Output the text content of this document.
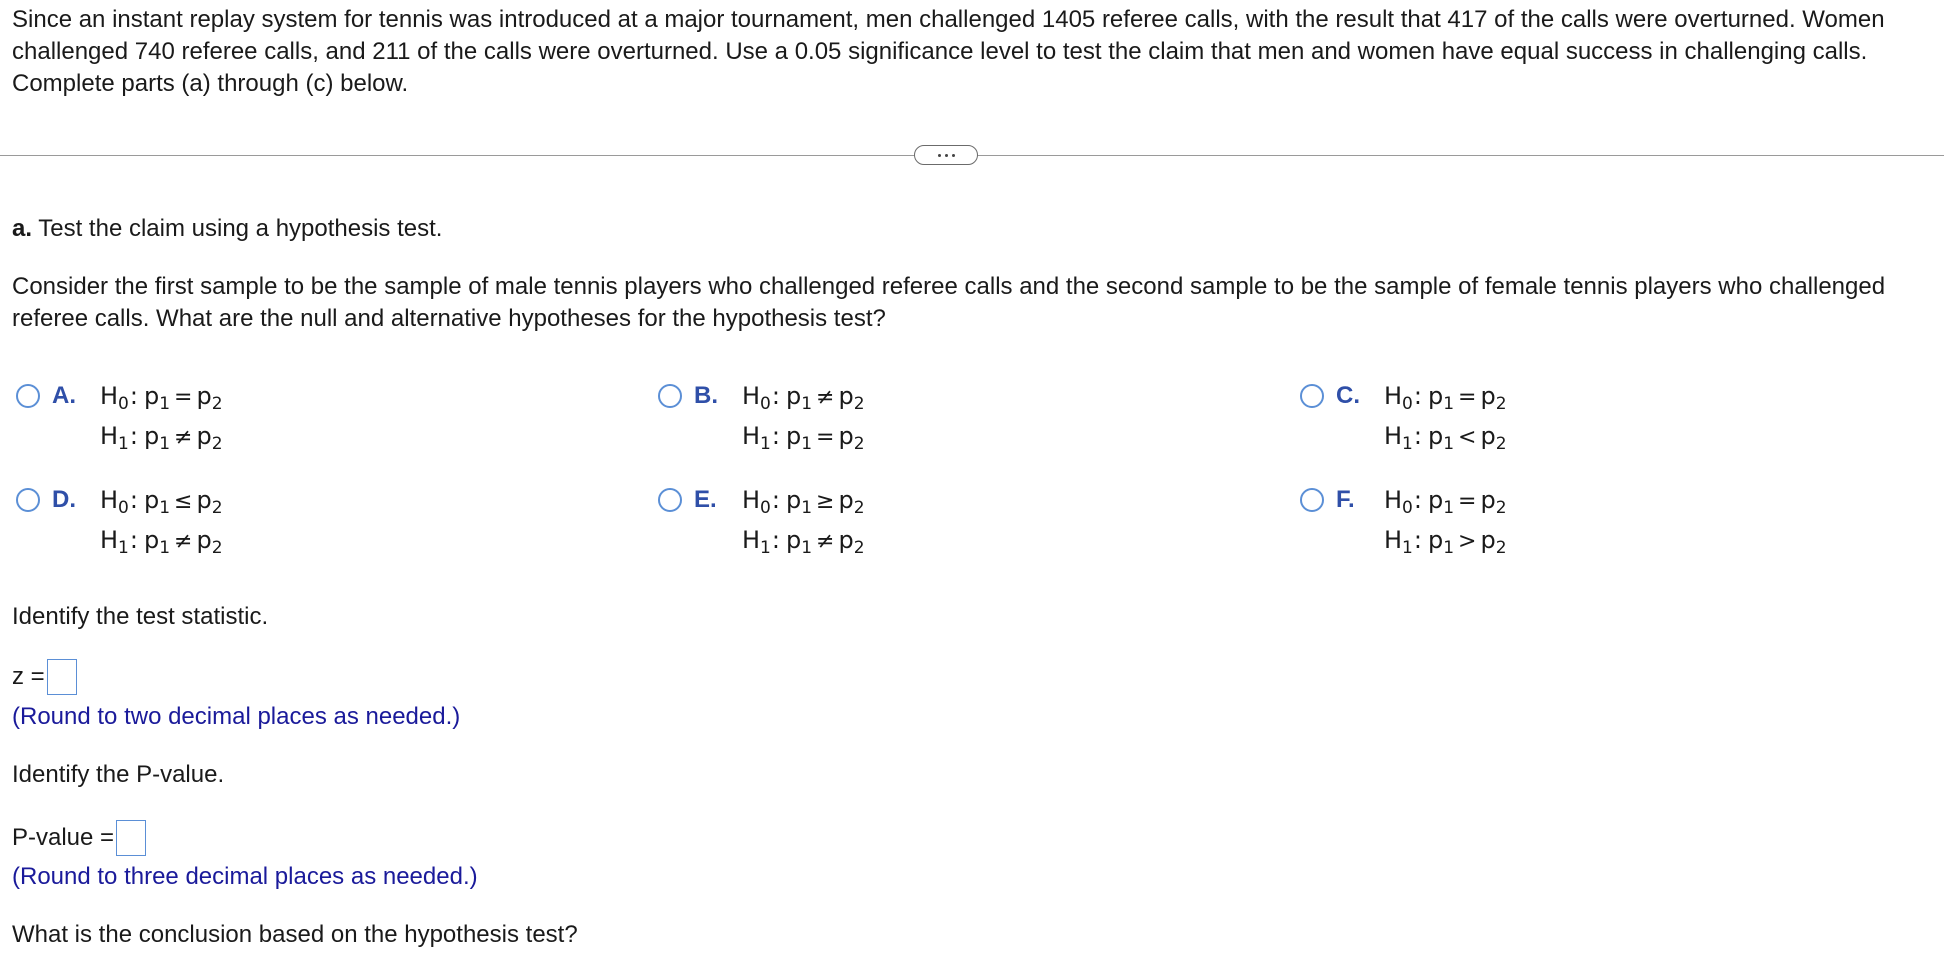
Since an instant replay system for tennis was introduced at a major tournament, men challenged 1405 referee calls, with the result that 417 of the calls were overturned. Women challenged 740 referee calls, and 211 of the calls were overturned. Use a 0.05 significance level to test the claim that men and women have equal success in challenging calls. Complete parts (a) through (c) below.
a. Test the claim using a hypothesis test.
Consider the first sample to be the sample of male tennis players who challenged referee calls and the second sample to be the sample of female tennis players who challenged referee calls. What are the null and alternative hypotheses for the hypothesis test?
A. $H_0$: $p_1 = p_2$
$H_1$: $p_1 \ne p_2$
B. $H_0$: $p_1 \ne p_2$
$H_1$: $p_1 = p_2$
C. $H_0$: $p_1 = p_2$
$H_1$: $p_1 < p_2$
D. $H_0$: $p_1 \le p_2$
$H_1$: $p_1 \ne p_2$
E. $H_0$: $p_1 \ge p_2$
$H_1$: $p_1 \ne p_2$
F. $H_0$: $p_1 = p_2$
$H_1$: $p_1 > p_2$
Identify the test statistic.
z =
(Round to two decimal places as needed.)
Identify the P-value.
P-value =
(Round to three decimal places as needed.)
What is the conclusion based on the hypothesis test?
